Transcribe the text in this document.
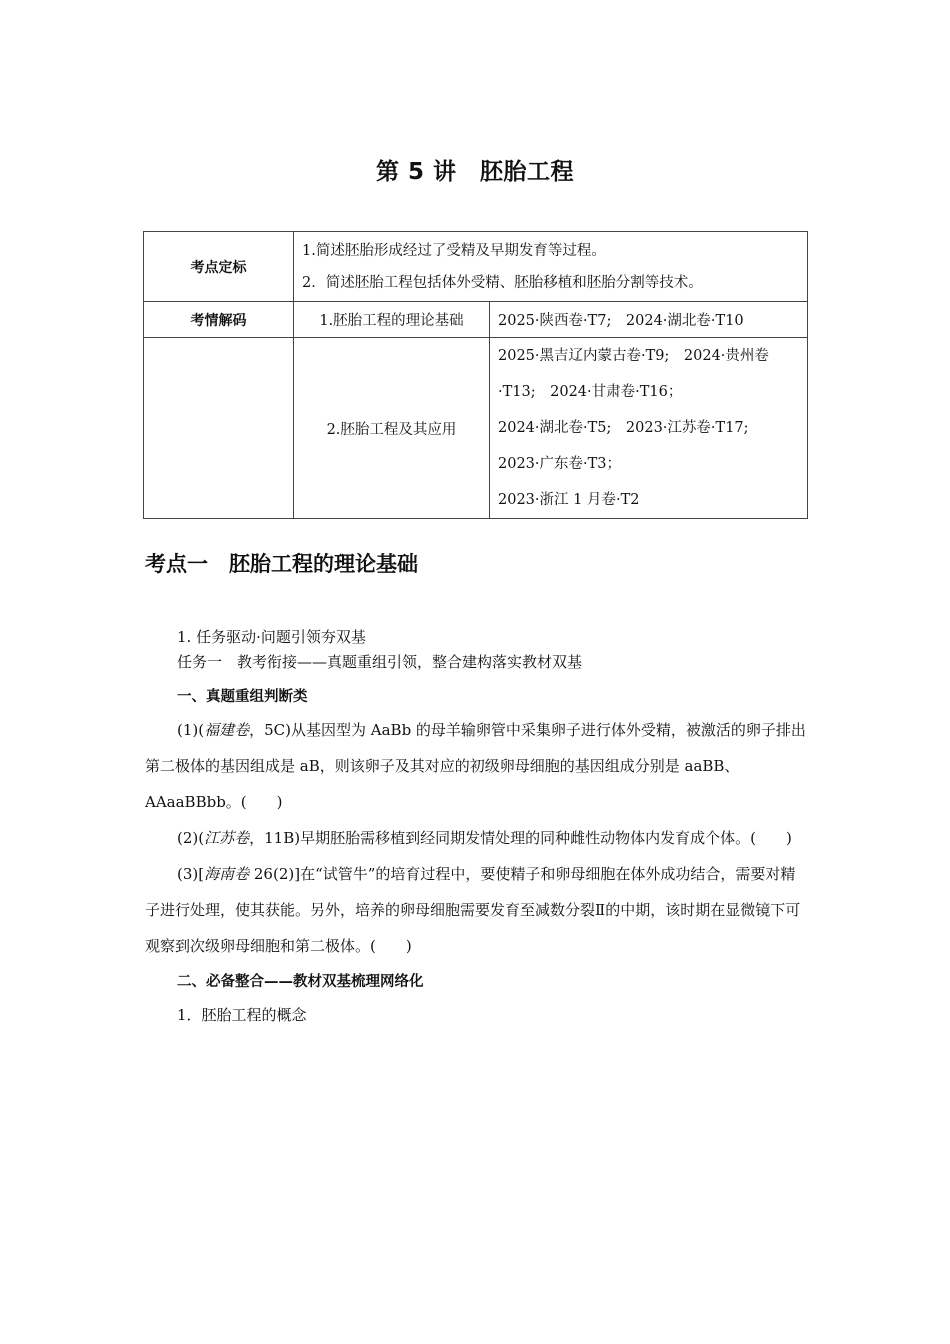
第 5 讲　胚胎工程
考点定标	1.简述胚胎形成经过了受精及早期发育等过程。
2．简述胚胎工程包括体外受精、胚胎移植和胚胎分割等技术。	

考情解码	1.胚胎工程的理论基础	2025·陕西卷·T7;　2024·湖北卷·T10
	2.胚胎工程及其应用	2025·黑吉辽内蒙古卷·T9;　2024·贵州卷
·T13;　2024·甘肃卷·T16；
2024·湖北卷·T5;　2023·江苏卷·T17;
2023·广东卷·T3；
2023·浙江 1 月卷·T2
考点一　胚胎工程的理论基础

1. 任务驱动·问题引领夯双基

任务一　教考衔接——真题重组引领，整合建构落实教材双基

一、真题重组判断类

(1)(福建卷，5C)从基因型为 AaBb 的母羊输卵管中采集卵子进行体外受精，被激活的卵子排出第二极体的基因组成是 aB，则该卵子及其对应的初级卵母细胞的基因组成分别是 aaBB、AAaaBBbb。(　　)

(2)(江苏卷，11B)早期胚胎需移植到经同期发情处理的同种雌性动物体内发育成个体。(　　)

(3)[海南卷 26(2)]在“试管牛”的培育过程中，要使精子和卵母细胞在体外成功结合，需要对精子进行处理，使其获能。另外，培养的卵母细胞需要发育至减数分裂Ⅱ的中期，该时期在显微镜下可观察到次级卵母细胞和第二极体。(　　)

二、必备整合——教材双基梳理网络化

1．胚胎工程的概念
